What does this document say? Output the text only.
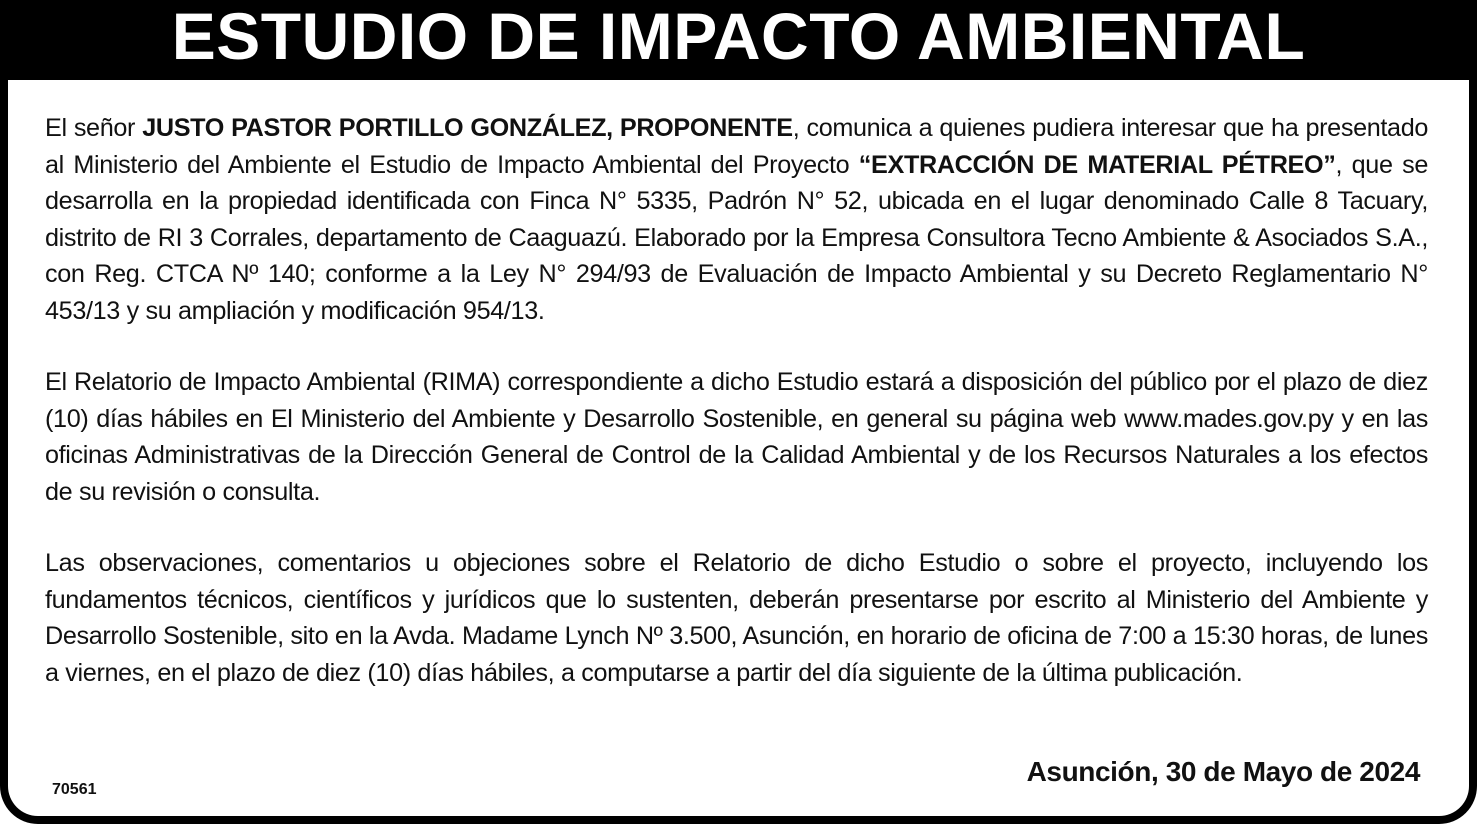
ESTUDIO DE IMPACTO AMBIENTAL

El señor JUSTO PASTOR PORTILLO GONZÁLEZ, PROPONENTE, comunica a quienes pudiera interesar que ha presentado al Ministerio del Ambiente el Estudio de Impacto Ambiental del Proyecto “EXTRACCIÓN DE MATERIAL PÉTREO”, que se desarrolla en la propiedad identificada con Finca N° 5335, Padrón N° 52, ubicada en el lugar denominado Calle 8 Tacuary, distrito de RI 3 Corrales, departamento de Caaguazú. Elaborado por la Empresa Consultora Tecno Ambiente & Asociados S.A., con Reg. CTCA Nº 140; conforme a la Ley N° 294/93 de Evaluación de Impacto Ambiental y su Decreto Reglamentario N° 453/13 y su ampliación y modificación 954/13.

El Relatorio de Impacto Ambiental (RIMA) correspondiente a dicho Estudio estará a disposición del público por el plazo de diez (10) días hábiles en El Ministerio del Ambiente y Desarrollo Sostenible, en general su página web www.mades.gov.py y en las oficinas Administrativas de la Dirección General de Control de la Calidad Ambiental y de los Recursos Naturales a los efectos de su revisión o consulta.

Las observaciones, comentarios u objeciones sobre el Relatorio de dicho Estudio o sobre el proyecto, incluyendo los fundamentos técnicos, científicos y jurídicos que lo sustenten, deberán presentarse por escrito al Ministerio del Ambiente y Desarrollo Sostenible, sito en la Avda. Madame Lynch Nº 3.500, Asunción, en horario de oficina de 7:00 a 15:30 horas, de lunes a viernes, en el plazo de diez (10) días hábiles, a computarse a partir del día siguiente de la última publicación.

Asunción, 30 de Mayo de 2024
70561
